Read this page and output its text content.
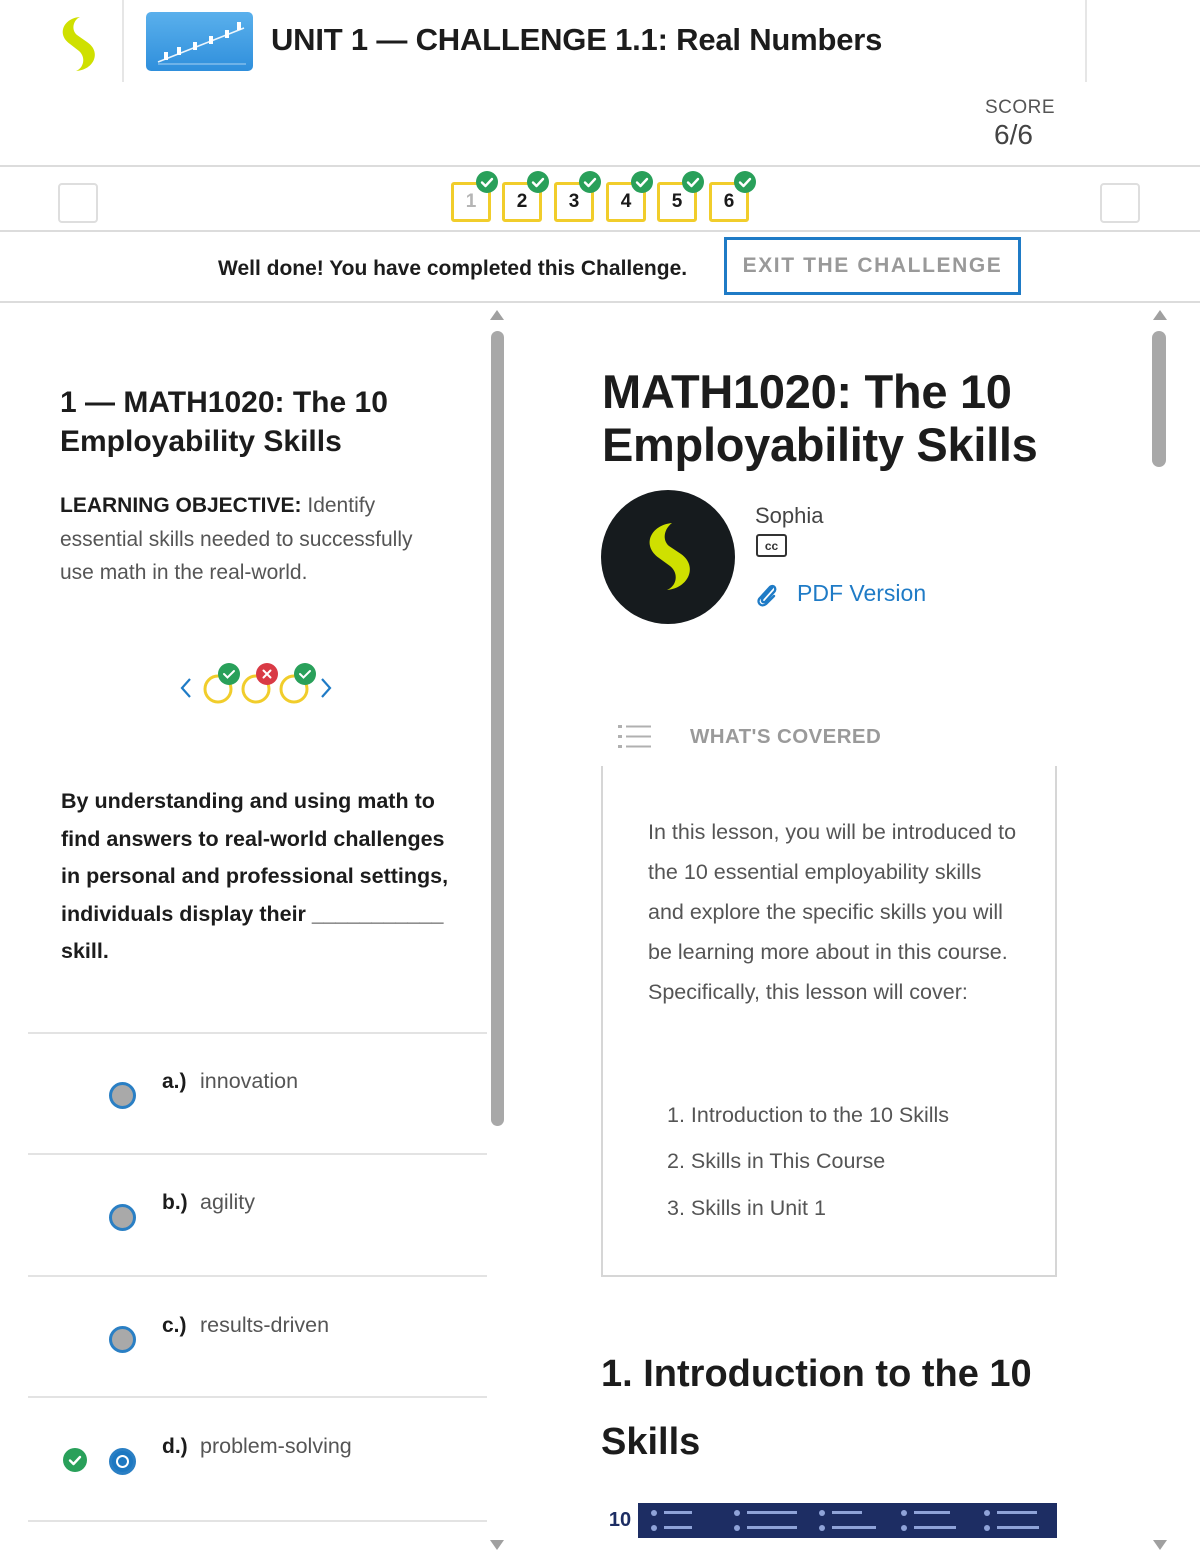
UNIT 1 — CHALLENGE 1.1: Real Numbers
SCORE
6/6
1 2 3 4 5 6
Well done! You have completed this Challenge.	EXIT THE CHALLENGE
1 — MATH1020: The 10 Employability Skills
LEARNING OBJECTIVE: Identify essential skills needed to successfully use math in the real-world.
By understanding and using math to find answers to real-world challenges in personal and professional settings, individuals display their ___________ skill.
a.) innovation
b.) agility
c.) results-driven
d.) problem-solving
MATH1020: The 10 Employability Skills
Sophia
cc
PDF Version
WHAT'S COVERED
In this lesson, you will be introduced to the 10 essential employability skills and explore the specific skills you will be learning more about in this course. Specifically, this lesson will cover:
1. Introduction to the 10 Skills
2. Skills in This Course
3. Skills in Unit 1
1. Introduction to the 10 Skills
10
